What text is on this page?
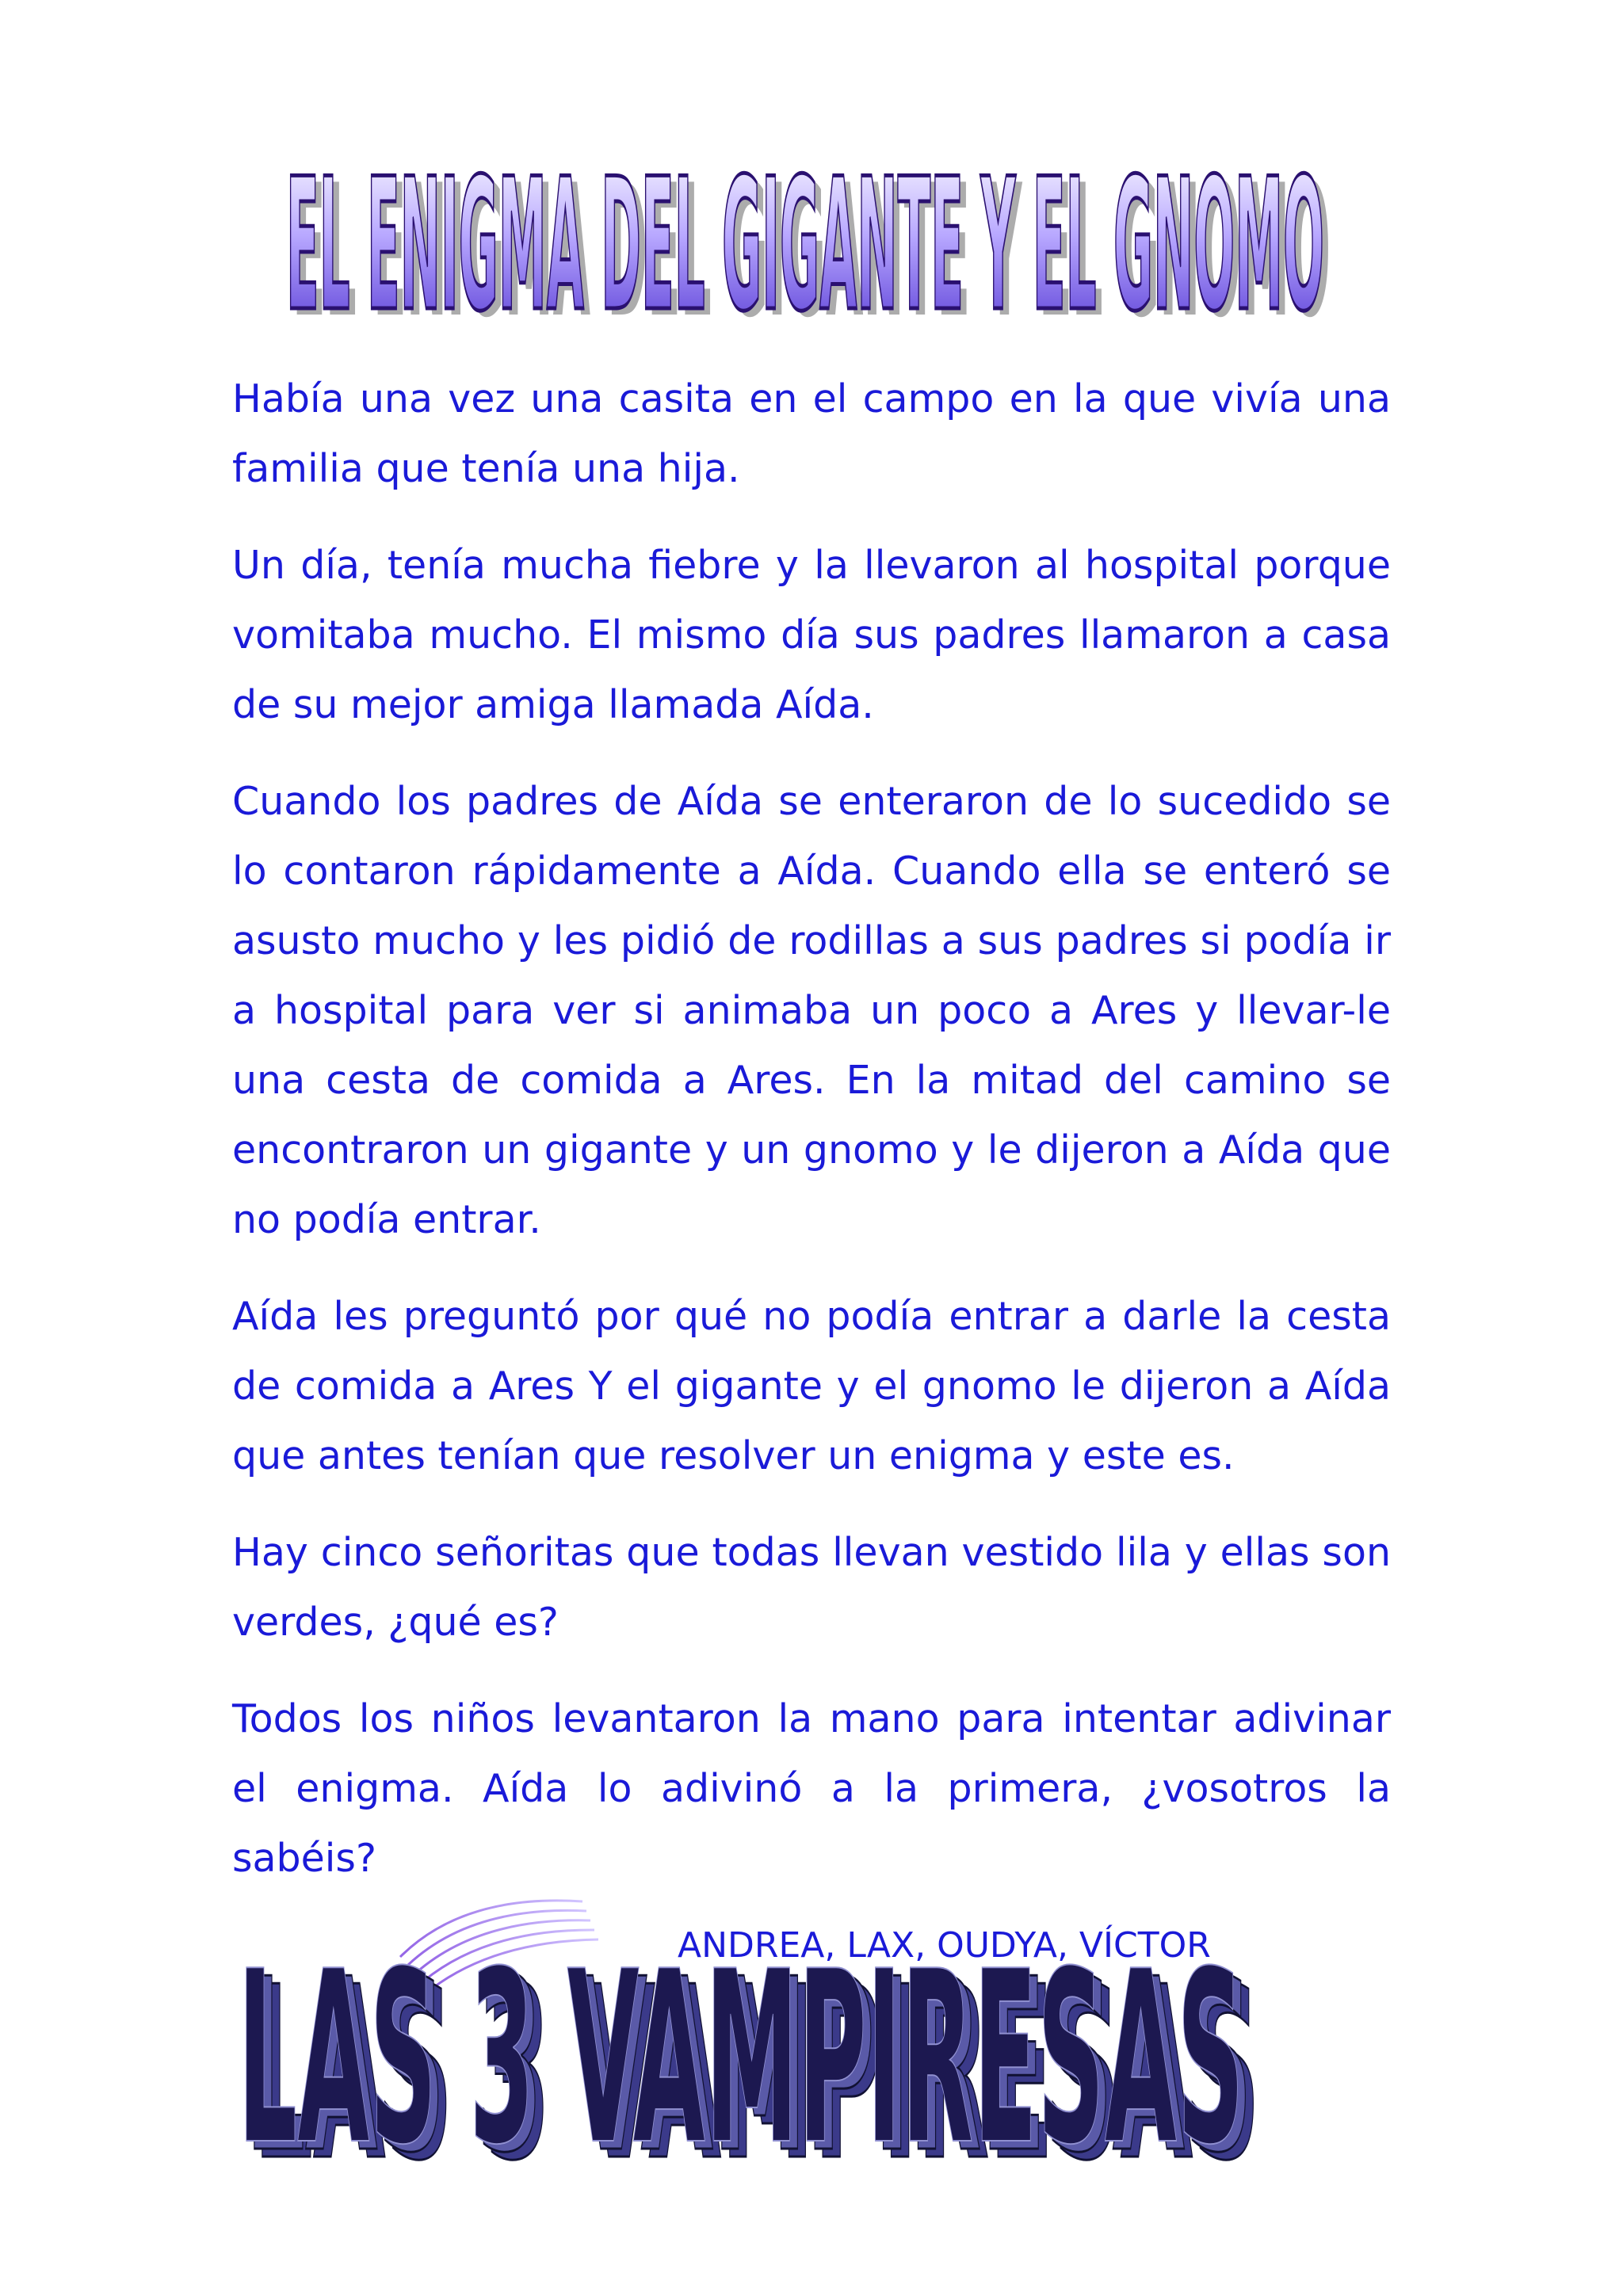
EL ENIGMA DEL GIGANTE Y EL GNOMO
EL ENIGMA DEL GIGANTE Y EL GNOMO

Había una vez una casita en el campo en la que vivía una familia que tenía una hija.

Un día, tenía mucha fiebre y la llevaron al hospital porque vomitaba mucho. El mismo día sus padres llamaron a casa de su mejor amiga llamada Aída.

Cuando los padres de Aída se enteraron de lo sucedido se lo contaron rápidamente a Aída. Cuando ella se enteró se asusto mucho y les pidió de rodillas a sus padres si podía ir a hospital para ver si animaba un poco a Ares y llevar-le una cesta de comida a Ares. En la mitad del camino se encontraron un gigante y un gnomo y le dijeron a Aída que no podía entrar.

Aída les preguntó por qué no podía entrar a darle la cesta de comida a Ares Y el gigante y el gnomo le dijeron a Aída que antes tenían que resolver un enigma y este es.

Hay cinco señoritas que todas llevan vestido lila y ellas son verdes, ¿qué es?

Todos los niños levantaron la mano para intentar adivinar el enigma. Aída lo adivinó a la primera, ¿vosotros la sabéis?

ANDREA, LAX, OUDYA, VÍCTOR
LAS 3 VAMPIRESAS
LAS 3 VAMPIRESAS
LAS 3 VAMPIRESAS
